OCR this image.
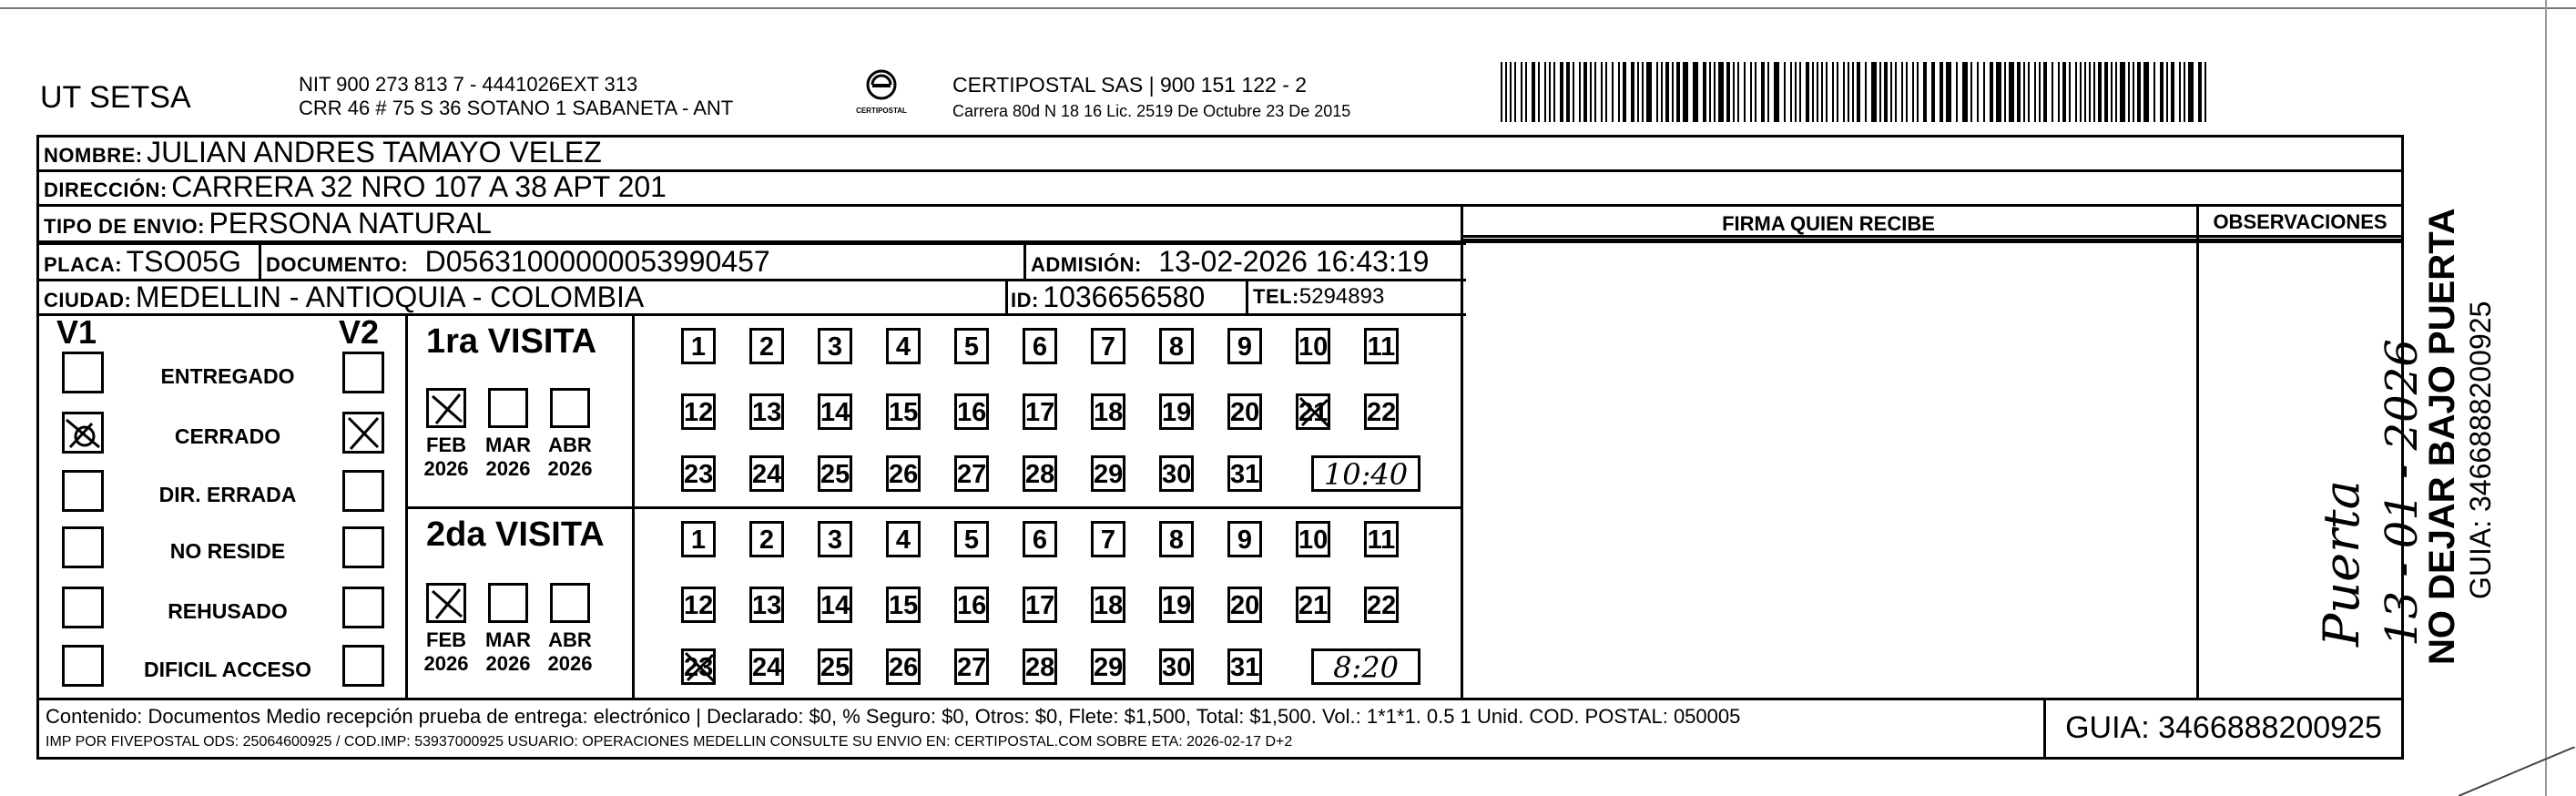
UT SETSA	NIT 900 273 813 7 - 4441026EXT 313
CRR 46 # 75 S 36 SOTANO 1 SABANETA - ANT	CERTIPOSTAL
CERTIPOSTAL SAS | 900 151 122 - 2
Carrera 80d N 18 16 Lic. 2519 De Octubre 23 De 2015
NOMBRE: JULIAN ANDRES TAMAYO VELEZ
DIRECCIÓN: CARRERA 32 NRO 107 A 38 APT 201
TIPO DE ENVIO: PERSONA NATURAL
PLACA: TSO05G DOCUMENTO: D05631000000053990457	ADMISIÓN: 13-02-2026 16:43:19
CIUDAD: MEDELLIN - ANTIOQUIA - COLOMBIA	ID: 1036656580 TEL:5294893
FIRMA QUIEN RECIBE	OBSERVACIONES
V1	V2
ENTREGADO
CERRADO
DIR. ERRADA
NO RESIDE
REHUSADO
DIFICIL ACCESO
1ra VISITA
2da VISITA
FEB
2026
MAR
2026
ABR
2026
1	2	3	4	5	6	7	8	9	10 11
12 13 14 15 16 17 18 19 20 21 22
23 24 25 26 27 28 29 30 31	10:40
FEB
2026
MAR
2026
ABR
2026
1	2	3	4	5	6	7	8	9	10 11
12 13 14 15 16 17 18 19 20 21 22
23 24 25 26 27 28 29 30 31	8:20
Puerta 13 - 01 - 2026
NO DEJAR BAJO PUERTA GUIA: 3466888200925
Contenido: Documentos Medio recepción prueba de entrega: electrónico | Declarado: $0, % Seguro: $0, Otros: $0, Flete: $1,500, Total: $1,500. Vol.: 1*1*1. 0.5 1 Unid. COD. POSTAL: 050005
IMP POR FIVEPOSTAL ODS: 25064600925 / COD.IMP: 53937000925 USUARIO: OPERACIONES MEDELLIN CONSULTE SU ENVIO EN: CERTIPOSTAL.COM SOBRE ETA: 2026-02-17 D+2	GUIA: 3466888200925
